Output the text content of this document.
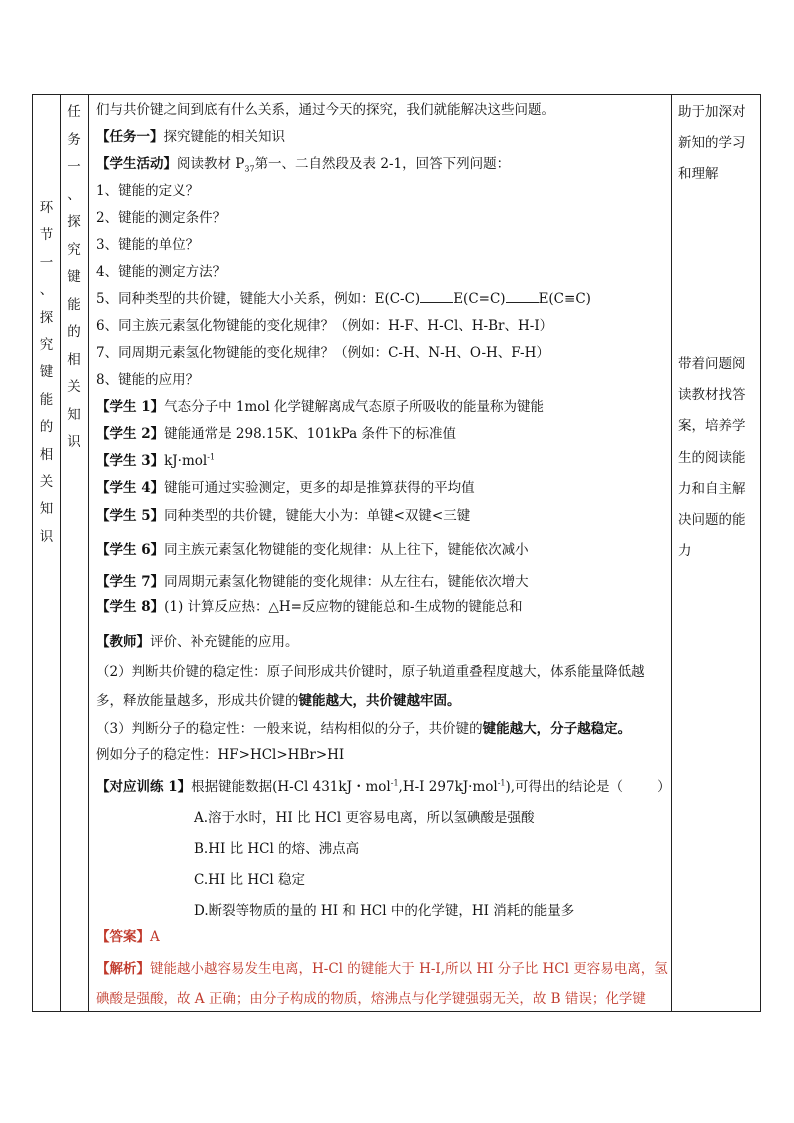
环
节
一
、
探
究
键
能
的
相
关
知
识
任
务
一
、
探
究
键
能
的
相
关
知
识
们与共价键之间到底有什么关系，通过今天的探究，我们就能解决这些问题。
【任务一】探究键能的相关知识
【学生活动】阅读教材 $P_{37}$第一、二自然段及表 2-1，回答下列问题：
1、键能的定义？
2、键能的测定条件？
3、键能的单位？
4、键能的测定方法？
5、同种类型的共价键，键能大小关系，例如：E(C-C) E(C=C) E(C≡C)
6、同主族元素氢化物键能的变化规律？（例如：H-F、H-Cl、H-Br、H-I）
7、同周期元素氢化物键能的变化规律？（例如：C-H、N-H、O-H、F-H）
8、键能的应用？
【学生 1】气态分子中 1mol 化学键解离成气态原子所吸收的能量称为键能
【学生 2】键能通常是 298.15K、101kPa 条件下的标准值
【学生 3】kJ·mol$^{-1}$
【学生 4】键能可通过实验测定，更多的却是推算获得的平均值
【学生 5】同种类型的共价键，键能大小为：单键<双键<三键
【学生 6】同主族元素氢化物键能的变化规律：从上往下，键能依次减小
【学生 7】同周期元素氢化物键能的变化规律：从左往右，键能依次增大
【学生 8】(1) 计算反应热：△H=反应物的键能总和-生成物的键能总和
【教师】评价、补充键能的应用。
（2）判断共价键的稳定性：原子间形成共价键时，原子轨道重叠程度越大，体系能量降低越
多，释放能量越多，形成共价键的键能越大，共价键越牢固。
（3）判断分子的稳定性：一般来说，结构相似的分子，共价键的键能越大，分子越稳定。
例如分子的稳定性：HF>HCl>HBr>HI
【对应训练 1】根据键能数据(H-Cl 431kJ・mol$^{-1}$,H-I 297kJ·mol$^{-1}$),可得出的结论是（	）
A.溶于水时，HI 比 HCl 更容易电离，所以氢碘酸是强酸
B.HI 比 HCl 的熔、沸点高
C.HI 比 HCl 稳定
D.断裂等物质的量的 HI 和 HCl 中的化学键，HI 消耗的能量多
【答案】A
【解析】键能越小越容易发生电离，H-Cl 的键能大于 H-I,所以 HI 分子比 HCl 更容易电离，氢
碘酸是强酸，故 A 正确；由分子构成的物质，熔沸点与化学键强弱无关，故 B 错误；化学键
助于加深对
新知的学习
和理解
带着问题阅
读教材找答
案，培养学
生的阅读能
力和自主解
决问题的能
力
